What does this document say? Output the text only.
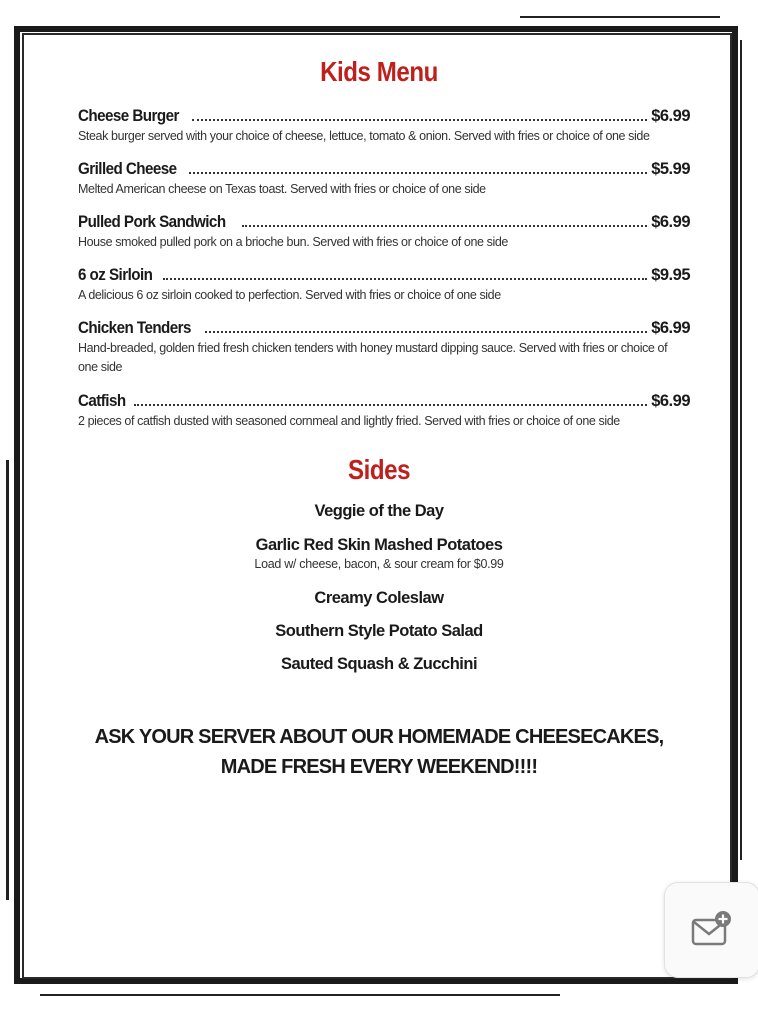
Kids Menu
Cheese Burger	$6.99
Steak burger served with your choice of cheese, lettuce, tomato & onion. Served with fries or choice of one side
Grilled Cheese	$5.99
Melted American cheese on Texas toast. Served with fries or choice of one side
Pulled Pork Sandwich	$6.99
House smoked pulled pork on a brioche bun. Served with fries or choice of one side
6 oz Sirloin	$9.95
A delicious 6 oz sirloin cooked to perfection. Served with fries or choice of one side
Chicken Tenders	$6.99
Hand-breaded, golden fried fresh chicken tenders with honey mustard dipping sauce. Served with fries or choice of one side
Catfish	$6.99
2 pieces of catfish dusted with seasoned cornmeal and lightly fried. Served with fries or choice of one side
Sides
Veggie of the Day
Garlic Red Skin Mashed Potatoes
Load w/ cheese, bacon, & sour cream for $0.99
Creamy Coleslaw
Southern Style Potato Salad
Sauted Squash & Zucchini
ASK YOUR SERVER ABOUT OUR HOMEMADE CHEESECAKES, MADE FRESH EVERY WEEKEND!!!!
